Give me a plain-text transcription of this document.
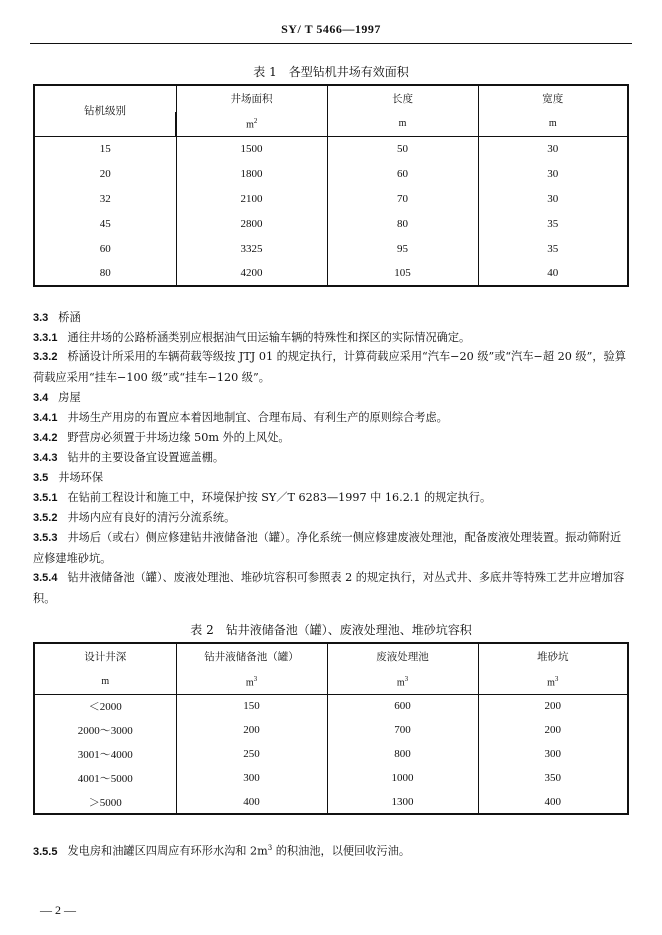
SY/ T 5466—1997
表 1　各型钻机井场有效面积
钻机级别	井场面积	长度	宽度
	$m^2$	m	m
15	1500	50	30
20	1800	60	30
32	2100	70	30
45	2800	80	35
60	3325	95	35
80	4200	105	40

3.3 桥涵

3.3.1 通往井场的公路桥涵类别应根据油气田运输车辆的特殊性和探区的实际情况确定。

3.3.2 桥涵设计所采用的车辆荷载等级按 JTJ 01 的规定执行，计算荷载应采用“汽车−20 级”或“汽车−超 20 级”，验算荷载应采用“挂车−100 级”或“挂车−120 级”。

3.4 房屋

3.4.1 井场生产用房的布置应本着因地制宜、合理布局、有利生产的原则综合考虑。

3.4.2 野营房必须置于井场边缘 50m 外的上风处。

3.4.3 钻井的主要设备宜设置遮盖棚。

3.5 井场环保

3.5.1 在钻前工程设计和施工中，环境保护按 SY／T 6283—1997 中 16.2.1 的规定执行。

3.5.2 井场内应有良好的清污分流系统。

3.5.3 井场后（或右）侧应修建钻井液储备池（罐）。净化系统一侧应修建废液处理池，配备废液处理装置。振动筛附近应修建堆砂坑。

3.5.4 钻井液储备池（罐）、废液处理池、堆砂坑容积可参照表 2 的规定执行，对丛式井、多底井等特殊工艺井应增加容积。

表 2　钻井液储备池（罐）、废液处理池、堆砂坑容积
设计井深	钻井液储备池（罐）	废液处理池	堆砂坑
m	$m^3$	$m^3$	$m^3$
＜2000	150	600	200
2000～3000	200	700	200
3001～4000	250	800	300
4001～5000	300	1000	350
＞5000	400	1300	400

3.5.5 发电房和油罐区四周应有环形水沟和 $2m^3$ 的积油池，以便回收污油。

— 2 —
